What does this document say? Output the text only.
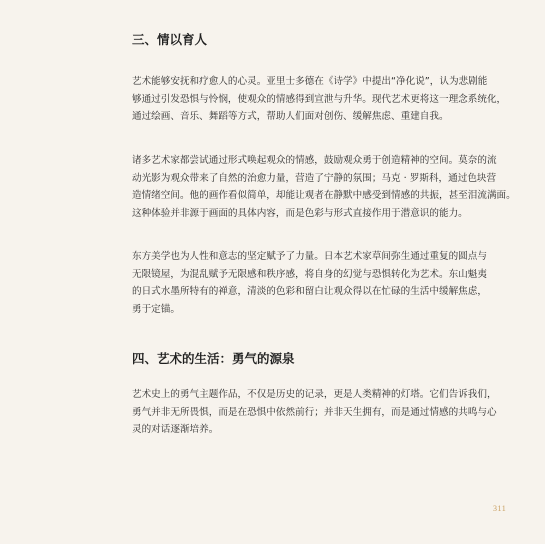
三、情以育人
艺术能够安抚和疗愈人的心灵。亚里士多德在《诗学》中提出“净化说”，认为悲剧能
够通过引发恐惧与怜悯，使观众的情感得到宣泄与升华。现代艺术更将这一理念系统化，
通过绘画、音乐、舞蹈等方式，帮助人们面对创伤、缓解焦虑、重建自我。
诸多艺术家都尝试通过形式唤起观众的情感，鼓励观众勇于创造精神的空间。莫奈的流
动光影为观众带来了自然的治愈力量，营造了宁静的氛围；马克 · 罗斯科，通过色块营
造情绪空间。他的画作看似简单，却能让观者在静默中感受到情感的共振，甚至泪流满面。
这种体验并非源于画面的具体内容，而是色彩与形式直接作用于潜意识的能力。
东方美学也为人性和意志的坚定赋予了力量。日本艺术家草间弥生通过重复的圆点与
无限镜屋，为混乱赋予无限感和秩序感，将自身的幻觉与恐惧转化为艺术。东山魁夷
的日式水墨所特有的禅意，清淡的色彩和留白让观众得以在忙碌的生活中缓解焦虑，
勇于定锚。
四、艺术的生活：勇气的源泉
艺术史上的勇气主题作品，不仅是历史的记录，更是人类精神的灯塔。它们告诉我们，
勇气并非无所畏惧，而是在恐惧中依然前行；并非天生拥有，而是通过情感的共鸣与心
灵的对话逐渐培养。
311
